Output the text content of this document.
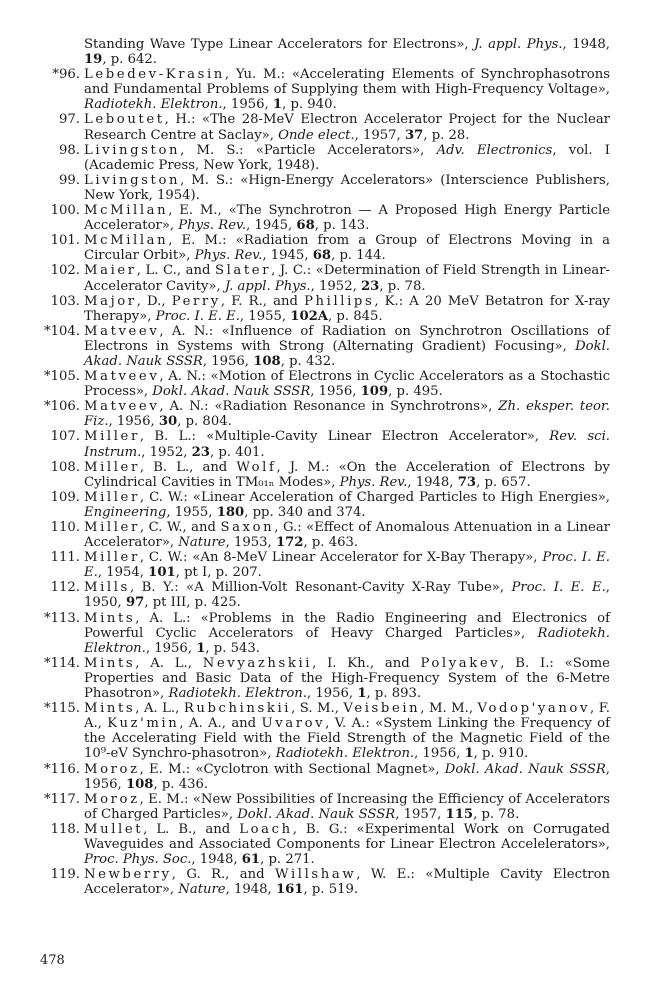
Standing Wave Type Linear Accelerators for Electrons», J. appl. Phys., 1948, 19, p. 642.
*96. Lebedev-Krasin, Yu. M.: «Accelerating Elements of Synchrophasotrons and Fundamental Problems of Supplying them with High-Frequency Voltage», Radiotekh. Elektron., 1956, 1, p. 940.
97. Leboutet, H.: «The 28-MeV Electron Accelerator Project for the Nuclear Research Centre at Saclay», Onde elect., 1957, 37, p. 28.
98. Livingston, M. S.: «Particle Accelerators», Adv. Electronics, vol. I (Academic Press, New York, 1948).
99. Livingston, M. S.: «Hign-Energy Accelerators» (Interscience Publishers, New York, 1954).
100. McMillan, E. M., «The Synchrotron — A Proposed High Energy Particle Accelerator», Phys. Rev., 1945, 68, p. 143.
101. McMillan, E. M.: «Radiation from a Group of Electrons Moving in a Circular Orbit», Phys. Rev., 1945, 68, p. 144.
102. Maier, L. C., and Slater, J. C.: «Determination of Field Strength in Linear-Accelerator Cavity», J. appl. Phys., 1952, 23, p. 78.
103. Major, D., Perry, F. R., and Phillips, K.: A 20 MeV Betatron for X-ray Therapy», Proc. I. E. E., 1955, 102A, p. 845.
*104. Matveev, A. N.: «Influence of Radiation on Synchrotron Oscillations of Electrons in Systems with Strong (Alternating Gradient) Focusing», Dokl. Akad. Nauk SSSR, 1956, 108, p. 432.
*105. Matveev, A. N.: «Motion of Electrons in Cyclic Accelerators as a Stochastic Process», Dokl. Akad. Nauk SSSR, 1956, 109, p. 495.
*106. Matveev, A. N.: «Radiation Resonance in Synchrotrons», Zh. eksper. teor. Fiz., 1956, 30, p. 804.
107. Miller, B. L.: «Multiple-Cavity Linear Electron Accelerator», Rev. sci. Instrum., 1952, 23, p. 401.
108. Miller, B. L., and Wolf, J. M.: «On the Acceleration of Electrons by Cylindrical Cavities in TM₀₁ₙ Modes», Phys. Rev., 1948, 73, p. 657.
109. Miller, C. W.: «Linear Acceleration of Charged Particles to High Energies», Engineering, 1955, 180, pp. 340 and 374.
110. Miller, C. W., and Saxon, G.: «Effect of Anomalous Attenuation in a Linear Accelerator», Nature, 1953, 172, p. 463.
111. Miller, C. W.: «An 8-MeV Linear Accelerator for X-Bay Therapy», Proc. I. E. E., 1954, 101, pt I, p. 207.
112. Mills, B. Y.: «A Million-Volt Resonant-Cavity X-Ray Tube», Proc. I. E. E., 1950, 97, pt III, p. 425.
*113. Mints, A. L.: «Problems in the Radio Engineering and Electronics of Powerful Cyclic Accelerators of Heavy Charged Particles», Radiotekh. Elektron., 1956, 1, p. 543.
*114. Mints, A. L., Nevyazhskii, I. Kh., and Polyakev, B. I.: «Some Properties and Basic Data of the High-Frequency System of the 6-Metre Phasotron», Radiotekh. Elektron., 1956, 1, p. 893.
*115. Mints, A. L., Rubchinskii, S. M., Veisbein, M. M., Vodop'yanov, F. A., Kuz'min, A. A., and Uvarov, V. A.: «System Linking the Frequency of the Accelerating Field with the Field Strength of the Magnetic Field of the 10⁹-eV Synchro-phasotron», Radiotekh. Elektron., 1956, 1, p. 910.
*116. Moroz, E. M.: «Cyclotron with Sectional Magnet», Dokl. Akad. Nauk SSSR, 1956, 108, p. 436.
*117. Moroz, E. M.: «New Possibilities of Increasing the Efficiency of Accelerators of Charged Particles», Dokl. Akad. Nauk SSSR, 1957, 115, p. 78.
118. Mullet, L. B., and Loach, B. G.: «Experimental Work on Corrugated Waveguides and Associated Components for Linear Electron Accelelerators», Proc. Phys. Soc., 1948, 61, p. 271.
119. Newberry, G. R., and Willshaw, W. E.: «Multiple Cavity Electron Accelerator», Nature, 1948, 161, p. 519.
478
